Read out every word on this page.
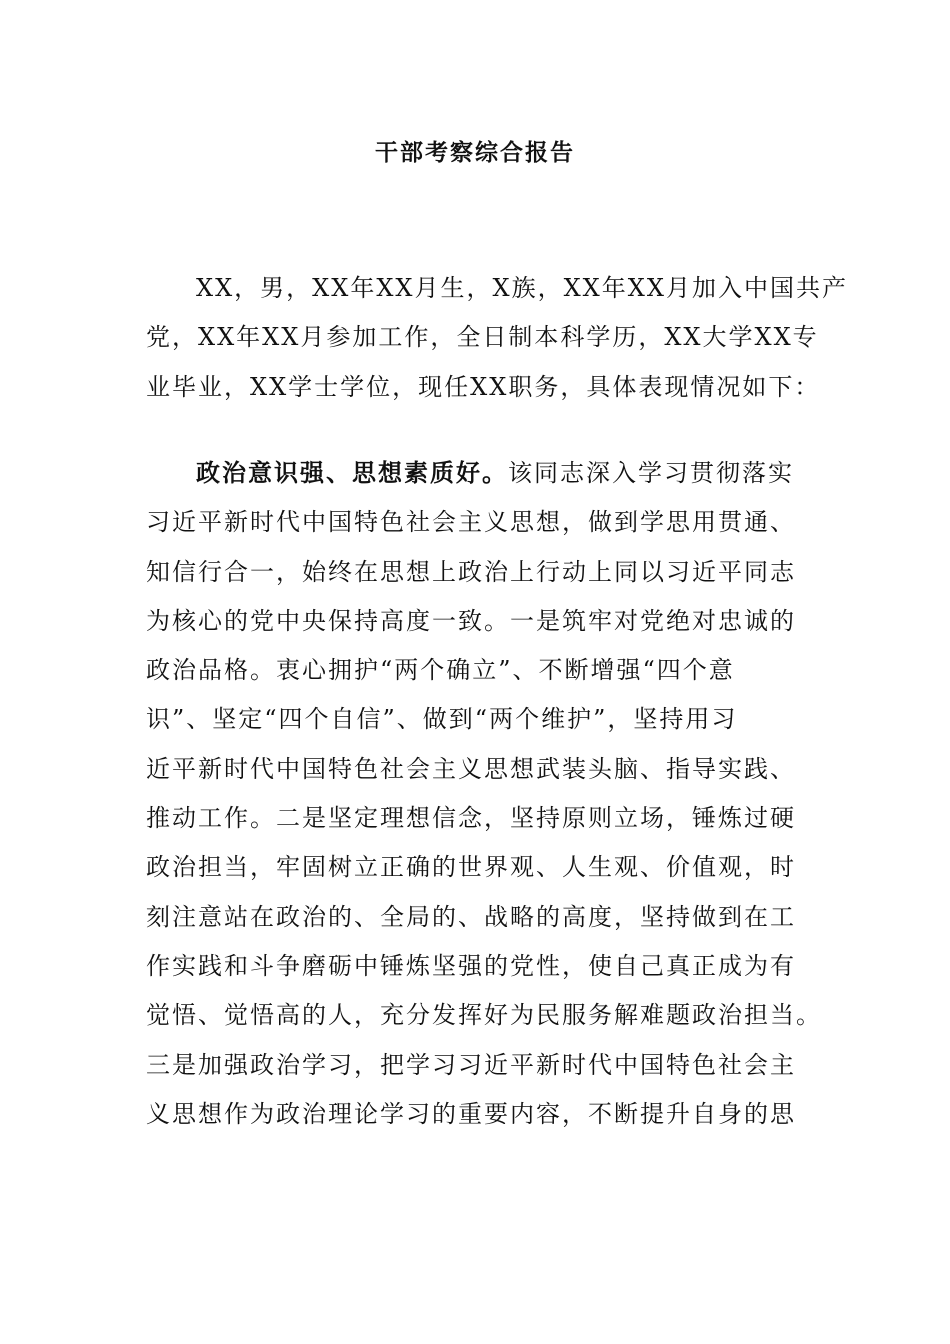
干部考察综合报告
XX，男，XX年XX月生，X族，XX年XX月加入中国共产
党，XX年XX月参加工作，全日制本科学历，XX大学XX专
业毕业，XX学士学位，现任XX职务，具体表现情况如下：
政治意识强、思想素质好。该同志深入学习贯彻落实
习近平新时代中国特色社会主义思想，做到学思用贯通、
知信行合一，始终在思想上政治上行动上同以习近平同志
为核心的党中央保持高度一致。一是筑牢对党绝对忠诚的
政治品格。衷心拥护“两个确立”、不断增强“四个意
识”、坚定“四个自信”、做到“两个维护”，坚持用习
近平新时代中国特色社会主义思想武装头脑、指导实践、
推动工作。二是坚定理想信念，坚持原则立场，锤炼过硬
政治担当，牢固树立正确的世界观、人生观、价值观，时
刻注意站在政治的、全局的、战略的高度，坚持做到在工
作实践和斗争磨砺中锤炼坚强的党性，使自己真正成为有
觉悟、觉悟高的人，充分发挥好为民服务解难题政治担当。
三是加强政治学习，把学习习近平新时代中国特色社会主
义思想作为政治理论学习的重要内容，不断提升自身的思
